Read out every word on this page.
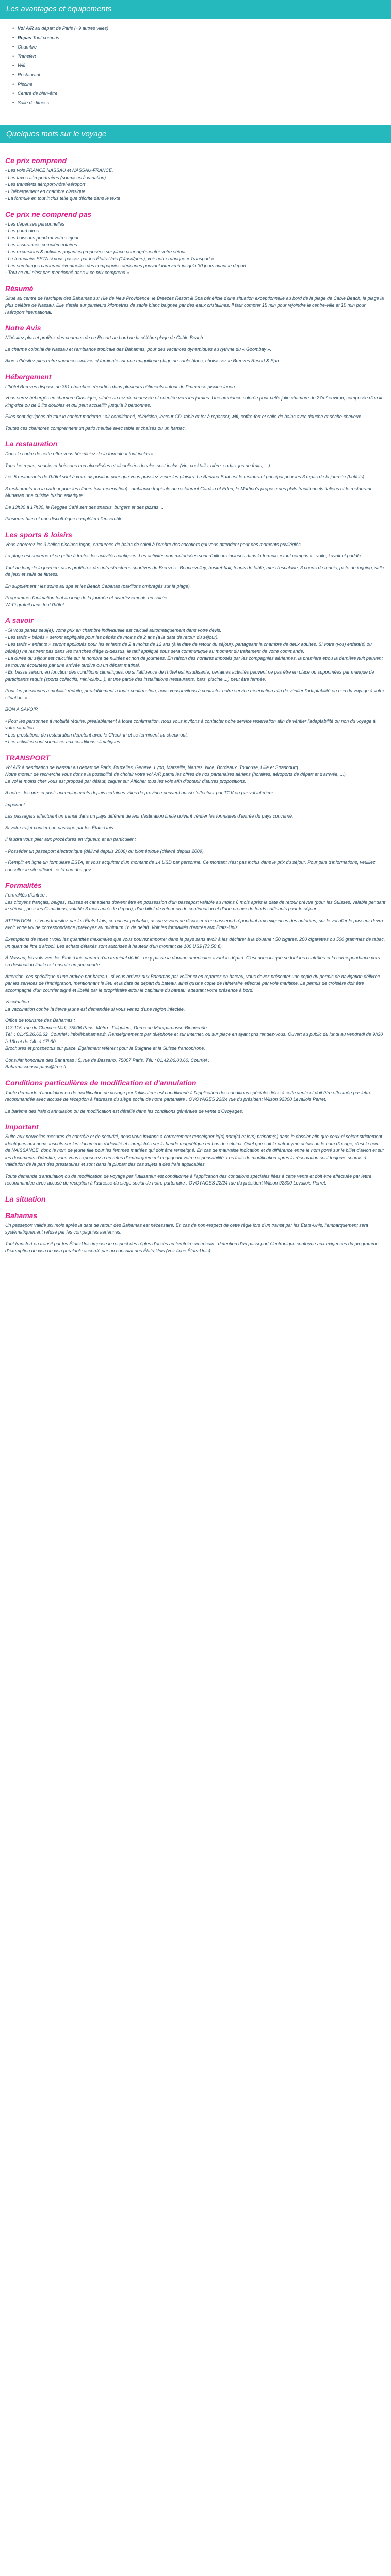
Les avantages et équipements
• Vol A/R au départ de Paris (+9 autres villes)
• Repas Tout compris
• Chambre
• Transfert
• Wifi
• Restaurant
• Piscine
• Centre de bien-être
• Salle de fitness
Quelques mots sur le voyage
Ce prix comprend

- Les vols FRANCE NASSAU et NASSAU-FRANCE,
- Les taxes aéroportuaires (soumises à variation)
- Les transferts aéroport-hôtel-aéroport
- L'hébergement en chambre classique
- La formule en tout inclus telle que décrite dans le texte

Ce prix ne comprend pas

- Les dépenses personnelles
- Les pourboires
- Les boissons pendant votre séjour
- Les assurances complémentaires
- Les excursions & activités payantes proposées sur place pour agrémenter votre séjour
- Le formulaire ESTA si vous passez par les États-Unis (14usd/pers), voir notre rubrique « Transport »
- Les surcharges carburant éventuelles des compagnies aériennes pouvant intervenir jusqu'à 30 jours avant le départ.
- Tout ce qui n'est pas mentionné dans « ce prix comprend »

Résumé

Situé au centre de l'archipel des Bahamas sur l'île de New Providence, le Breezes Resort & Spa bénéficie d'une situation exceptionnelle au bord de la plage de Cable Beach, la plage la plus célèbre de Nassau. Elle s'étale sur plusieurs kilomètres de sable blanc baignée par des eaux cristallines. Il faut compter 15 min pour rejoindre le centre-ville et 10 min pour l'aéroport international.

Notre Avis

N'hésitez plus et profitez des charmes de ce Resort au bord de la célèbre plage de Cable Beach.

Le charme colonial de Nassau et l'ambiance tropicale des Bahamas, pour des vacances dynamiques au rythme du « Goombay ».

Alors n'hésitez plus entre vacances actives et farniente sur une magnifique plage de sable blanc, choisissez le Breezes Resort & Spa.

Hébergement

L'hôtel Breezes dispose de 391 chambres réparties dans plusieurs bâtiments autour de l'immense piscine lagon.

Vous serez hébergés en chambre Classique, située au rez-de-chaussée et orientée vers les jardins. Une ambiance colorée pour cette jolie chambre de 27m² environ, composée d'un lit king-size ou de 2 lits doubles et qui peut accueillir jusqu'à 3 personnes.

Elles sont équipées de tout le confort moderne : air conditionné, télévision, lecteur CD, table et fer à repasser, wifi, coffre-fort et salle de bains avec douche et sèche-cheveux.

Toutes ces chambres comprennent un patio meublé avec table et chaises ou un hamac.

La restauration

Dans le cadre de cette offre vous bénéficiez de la formule « tout inclus » :

Tous les repas, snacks et boissons non alcoolisées et alcoolisées locales sont inclus (vin, cocktails, bière, sodas, jus de fruits, ...)

Les 5 restaurants de l'hôtel sont à votre disposition pour que vous puissiez varier les plaisirs. Le Banana Boat est le restaurant principal pour les 3 repas de la journée (buffets).

3 restaurants « à la carte » pour les dîners (sur réservation) : ambiance tropicale au restaurant Garden of Eden, le Martino's propose des plats traditionnels italiens et le restaurant Munasan une cuisine fusion asiatique.

De 13h30 à 17h30, le Reggae Café sert des snacks, burgers et des pizzas ...

Plusieurs bars et une discothèque complètent l'ensemble.

Les sports & loisirs

Vous adorerez les 3 belles piscines lagon, entourées de bains de soleil à l'ombre des cocotiers qui vous attendent pour des moments privilégiés.

La plage est superbe et se prête à toutes les activités nautiques. Les activités non motorisées sont d'ailleurs incluses dans la formule « tout compris » : voile, kayak et paddle.

Tout au long de la journée, vous profiterez des infrastructures sportives du Breezes : Beach-volley, basket-ball, tennis de table, mur d'escalade, 3 courts de tennis, piste de jogging, salle de jeux et salle de fitness.

En supplément : les soins au spa et les Beach Cabanas (pavillons ombragés sur la plage).

Programme d'animation tout au long de la journée et divertissements en soirée.
Wi-Fi gratuit dans tout l'hôtel

A savoir

- Si vous partez seul(e), votre prix en chambre individuelle est calculé automatiquement dans votre devis.
- Les tarifs « bébés » seront appliqués pour les bébés de moins de 2 ans (à la date de retour du séjour).
- Les tarifs « enfants » seront appliqués pour les enfants de 2 à moins de 12 ans (à la date de retour du séjour), partageant la chambre de deux adultes. Si votre (vos) enfant(s) ou bébé(s) ne rentrent pas dans les tranches d'âge ci-dessus, le tarif appliqué sous sera communiqué au moment du traitement de votre commande.
- La durée du séjour est calculée sur le nombre de nuitées et non de journées. En raison des horaires imposés par les compagnies aériennes, la première et/ou la dernière nuit peuvent se trouver écourtées par une arrivée tardive ou un départ matinal.
- En basse saison, en fonction des conditions climatiques, ou si l'affluence de l'hôtel est insuffisante, certaines activités peuvent ne pas être en place ou supprimées par manque de participants requis (sports collectifs, mini-club,...), et une partie des installations (restaurants, bars, piscine,...) peut être fermée.

Pour les personnes à mobilité réduite, préalablement à toute confirmation, nous vous invitons à contacter notre service réservation afin de vérifier l'adaptabilité ou non du voyage à votre situation. »

BON A SAVOIR

• Pour les personnes à mobilité réduite, préalablement à toute confirmation, nous vous invitons à contacter notre service réservation afin de vérifier l'adaptabilité ou non du voyage à votre situation.
• Les prestations de restauration débutent avec le Check-in et se terminent au check-out.
• Les activités sont soumises aux conditions climatiques

TRANSPORT

Vol A/R à destination de Nassau au départ de Paris, Bruxelles, Genève, Lyon, Marseille, Nantes, Nice, Bordeaux, Toulouse, Lille et Strasbourg.
Notre moteur de recherche vous donne la possibilité de choisir votre vol A/R parmi les offres de nos partenaires aériens (horaires, aéroports de départ et d'arrivée, ...).
Le vol le moins cher vous est proposé par défaut, cliquer sur Afficher tous les vols afin d'obtenir d'autres propositions.

A noter : les pré- et post- acheminements depuis certaines villes de province peuvent aussi s'effectuer par TGV ou par vol intérieur.

Important

Les passagers effectuant un transit dans un pays différent de leur destination finale doivent vérifier les formalités d'entrée du pays concerné.

Si votre trajet contient un passage par les États-Unis.

Il faudra vous plier aux procédures en vigueur, et en particulier :

- Posséder un passeport électronique (délivré depuis 2006) ou biométrique (délivré depuis 2009)

- Remplir en ligne un formulaire ESTA, et vous acquitter d'un montant de 14 USD par personne. Ce montant n'est pas inclus dans le prix du séjour. Pour plus d'informations, veuillez consulter le site officiel : esta.cbp.dhs.gov.

Formalités

Formalités d'entrée :
Les citoyens français, belges, suisses et canadiens doivent être en possession d'un passeport valable au moins 6 mois après la date de retour prévue (pour les Suisses, valable pendant le séjour ; pour les Canadiens, valable 3 mois après le départ), d'un billet de retour ou de continuation et d'une preuve de fonds suffisants pour le séjour.

ATTENTION : si vous transitez par les États-Unis, ce qui est probable, assurez-vous de disposer d'un passeport répondant aux exigences des autorités, sur le vol aller le passeur devra avoir votre vol de correspondance (prévoyez au minimum 1h de délai). Voir les formalités d'entrée aux États-Unis.

Exemptions de taxes : voici les quantités maximales que vous pouvez importer dans le pays sans avoir à les déclarer à la douane : 50 cigares, 200 cigarettes ou 500 grammes de tabac, un quart de litre d'alcool. Les achats détaxés sont autorisés à hauteur d'un montant de 100 US$ (73,50 €).

À Nassau, les vols vers les États-Unis partent d'un terminal dédié : on y passe la douane américaine avant le départ. C'est donc ici que se font les contrôles et la correspondance vers sa destination finale est ensuite un peu courte.

Attention, ces spécifique d'une arrivée par bateau : si vous arrivez aux Bahamas par voilier et en repartez en bateau, vous devez présenter une copie du permis de navigation délivrée par les services de l'immigration, mentionnant le lieu et la date de départ du bateau, ainsi qu'une copie de l'itinéraire effectué par voie maritime. Le permis de croisière doit être accompagné d'un courrier signé et libellé par le propriétaire et/ou le capitaine du bateau, attestant votre présence à bord.

Vaccination
La vaccination contre la fièvre jaune est demandée si vous venez d'une région infectée.

Office de tourisme des Bahamas :
113-115, rue du Cherche-Midi, 75006 Paris. Métro : Falguière, Duroc ou Montparnasse-Bienvenüe.
Tél. : 01.45.26.62.62. Courriel : info@bahamas.fr. Renseignements par téléphone et sur Internet, ou sur place en ayant pris rendez-vous. Ouvert au public du lundi au vendredi de 9h30 à 13h et de 14h à 17h30.
Brochures et prospectus sur place. Également référent pour la Bulgarie et la Suisse francophone.

Consulat honoraire des Bahamas : 5, rue de Bassano, 75007 Paris. Tél. : 01.42.86.03.60. Courriel :
Bahamasconsul.paris@free.fr.

Conditions particulières de modification et d'annulation

Toute demande d'annulation ou de modification de voyage par l'utilisateur est conditionné à l'application des conditions spéciales liées à cette vente et doit être effectuée par lettre recommandée avec accusé de réception à l'adresse du siège social de notre partenaire : OVOYAGES 22/24 rue du président Wilson 92300 Levallois Perret.

Le barème des frais d'annulation ou de modification est détaillé dans les conditions générales de vente d'Ovoyages.

Important

Suite aux nouvelles mesures de contrôle et de sécurité, nous vous invitons à correctement renseigner le(s) nom(s) et le(s) prénom(s) dans le dossier afin que ceux-ci soient strictement identiques aux noms inscrits sur les documents d'identité et enregistrés sur la bande magnétique en bas de celui-ci. Quel que soit le patronyme actuel ou le nom d'usage, c'est le nom de NAISSANCE, donc le nom de jeune fille pour les femmes mariées qui doit être renseigné. En cas de mauvaise indication et de différence entre le nom porté sur le billet d'avion et sur les documents d'identité, vous vous exposerez à un refus d'embarquement engageant votre responsabilité. Les frais de modification après la réservation sont toujours soumis à validation de la part des prestataires et sont dans la plupart des cas sujets à des frais applicables.

Toute demande d'annulation ou de modification de voyage par l'utilisateur est conditionné à l'application des conditions spéciales liées à cette vente et doit être effectuée par lettre recommandée avec accusé de réception à l'adresse du siège social de notre partenaire : OVOYAGES 22/24 rue du président Wilson 92300 Levallois Perret.

La situation
Bahamas

Un passeport valide six mois après la date de retour des Bahamas est nécessaire. En cas de non-respect de cette règle lors d'un transit par les États-Unis, l'embarquement sera systématiquement refusé par les compagnies aériennes.

Tout transfert ou transit par les États-Unis impose le respect des règles d'accès au territoire américain : détention d'un passeport électronique conforme aux exigences du programme d'exemption de visa ou visa préalable accordé par un consulat des États-Unis (voir fiche États-Unis).
